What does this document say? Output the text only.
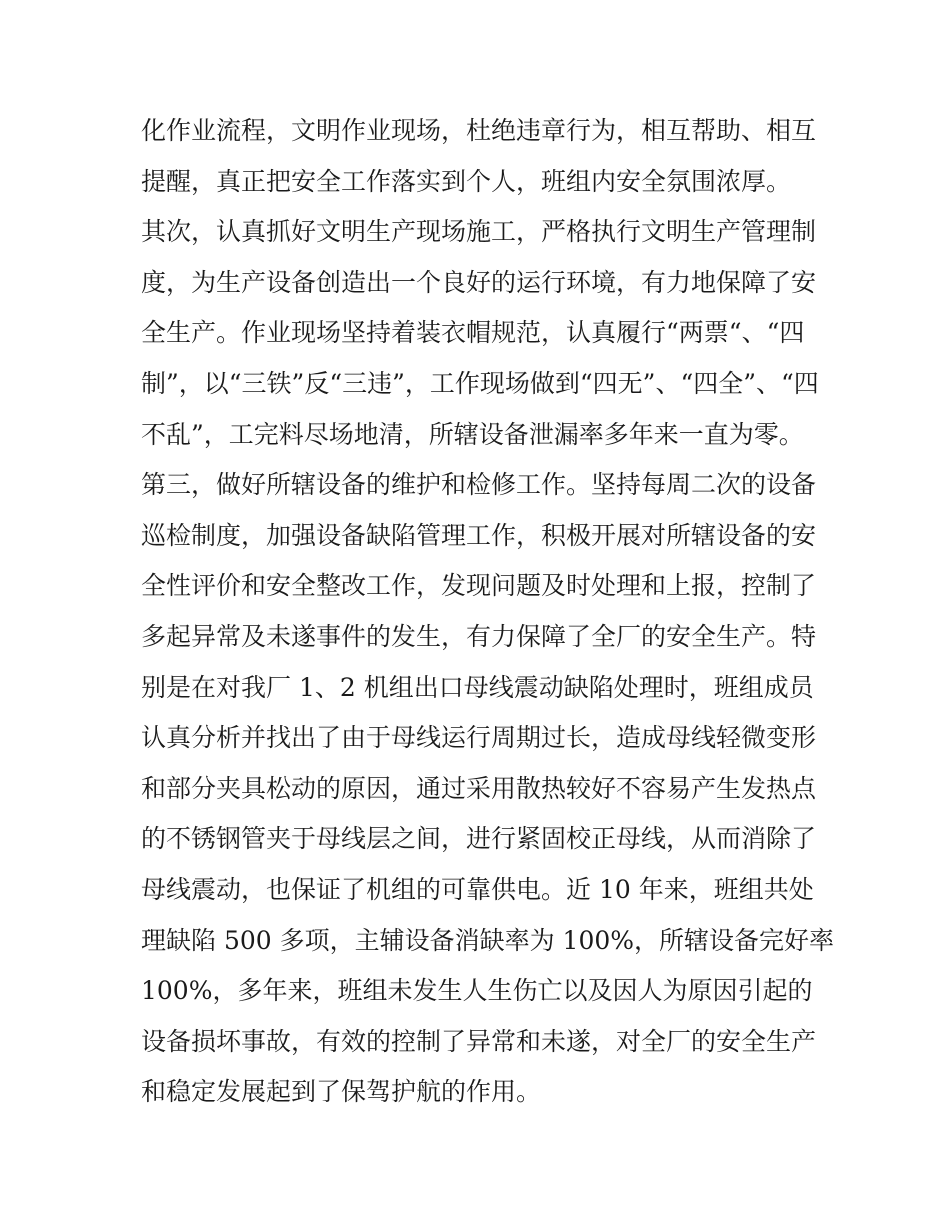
化作业流程，文明作业现场，杜绝违章行为，相互帮助、相互
提醒，真正把安全工作落实到个人，班组内安全氛围浓厚。
其次，认真抓好文明生产现场施工，严格执行文明生产管理制
度，为生产设备创造出一个良好的运行环境，有力地保障了安
全生产。作业现场坚持着装衣帽规范，认真履行“两票“、“四
制”，以“三铁”反“三违”，工作现场做到“四无”、“四全”、“四
不乱”，工完料尽场地清，所辖设备泄漏率多年来一直为零。
第三，做好所辖设备的维护和检修工作。坚持每周二次的设备
巡检制度，加强设备缺陷管理工作，积极开展对所辖设备的安
全性评价和安全整改工作，发现问题及时处理和上报，控制了
多起异常及未遂事件的发生，有力保障了全厂的安全生产。特
别是在对我厂 1、2 机组出口母线震动缺陷处理时，班组成员
认真分析并找出了由于母线运行周期过长，造成母线轻微变形
和部分夹具松动的原因，通过采用散热较好不容易产生发热点
的不锈钢管夹于母线层之间，进行紧固校正母线，从而消除了
母线震动，也保证了机组的可靠供电。近 10 年来，班组共处
理缺陷 500 多项，主辅设备消缺率为 100%，所辖设备完好率
100%，多年来，班组未发生人生伤亡以及因人为原因引起的
设备损坏事故，有效的控制了异常和未遂，对全厂的安全生产
和稳定发展起到了保驾护航的作用。
